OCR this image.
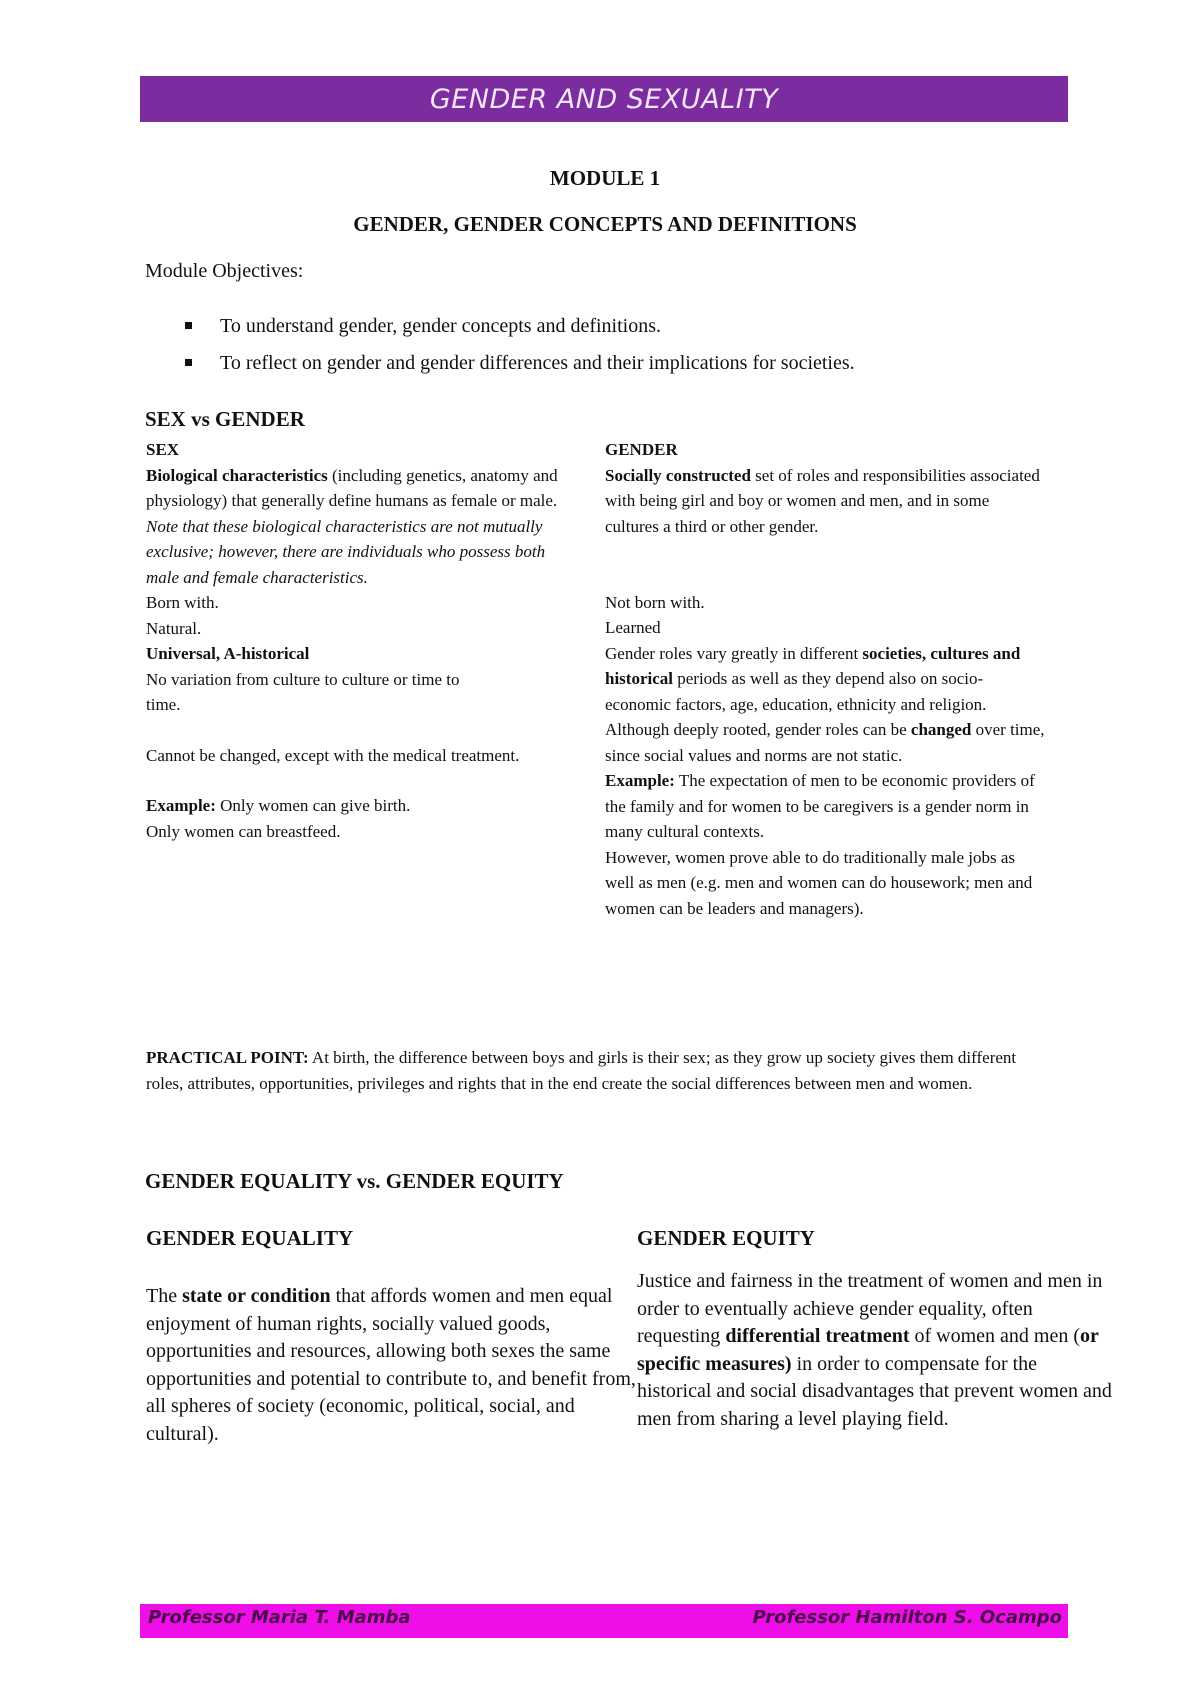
GENDER AND SEXUALITY
MODULE 1
GENDER, GENDER CONCEPTS AND DEFINITIONS
Module Objectives:
To understand gender, gender concepts and definitions.
To reflect on gender and gender differences and their implications for societies.
SEX vs GENDER

SEX

Biological characteristics (including genetics, anatomy and physiology) that generally define humans as female or male. Note that these biological characteristics are not mutually exclusive; however, there are individuals who possess both male and female characteristics.

Born with.

Natural.

Universal, A-historical

No variation from culture to culture or time to time.

Cannot be changed, except with the medical treatment.

Example: Only women can give birth.

Only women can breastfeed.

GENDER

Socially constructed set of roles and responsibilities associated with being girl and boy or women and men, and in some cultures a third or other gender.

Not born with.

Learned

Gender roles vary greatly in different societies, cultures and historical periods as well as they depend also on socio-economic factors, age, education, ethnicity and religion.

Although deeply rooted, gender roles can be changed over time, since social values and norms are not static.

Example: The expectation of men to be economic providers of the family and for women to be caregivers is a gender norm in many cultural contexts.

However, women prove able to do traditionally male jobs as well as men (e.g. men and women can do housework; men and women can be leaders and managers).

PRACTICAL POINT: At birth, the difference between boys and girls is their sex; as they grow up society gives them different roles, attributes, opportunities, privileges and rights that in the end create the social differences between men and women.

GENDER EQUALITY vs. GENDER EQUITY
GENDER EQUALITY	GENDER EQUITY

The state or condition that affords women and men equal enjoyment of human rights, socially valued goods, opportunities and resources, allowing both sexes the same opportunities and potential to contribute to, and benefit from, all spheres of society (economic, political, social, and cultural).

Justice and fairness in the treatment of women and men in order to eventually achieve gender equality, often requesting differential treatment of women and men (or specific measures) in order to compensate for the historical and social disadvantages that prevent women and men from sharing a level playing field.

Professor Maria T. Mamba	Professor Hamilton S. Ocampo
